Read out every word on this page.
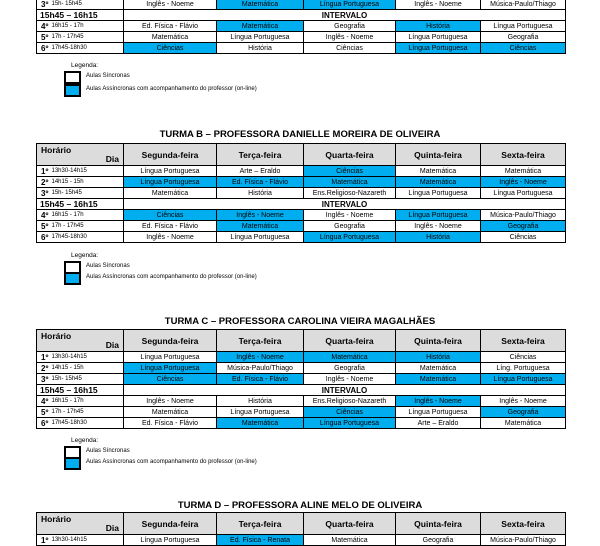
3º	15h- 15h45	Inglês - Noeme	Matemática	Língua Portuguesa	Inglês - Noeme	Música-Paulo/Thiago
15h45 – 16h15		INTERVALO				
4º	16h15 - 17h	Ed. Física - Flávio	Matemática	Geografia	História	Língua Portuguesa
5º	17h - 17h45	Matemática	Língua Portuguesa	Inglês - Noeme	Língua Portuguesa	Geografia
6º	17h45-18h30	Ciências	História	Ciências	Língua Portuguesa	Ciências
Legenda:
Aulas Síncronas
Aulas Assíncronas com acompanhamento do professor (on-line)
TURMA B – PROFESSORA DANIELLE MOREIRA DE OLIVEIRA
Horário
Dia		Segunda-feira	Terça-feira	Quarta-feira	Quinta-feira	Sexta-feira

1º	13h30-14h15	Língua Portuguesa	Arte – Eraldo	Ciências	Matemática	Matemática
2º	14h15 - 15h	Língua Portuguesa	Ed. Física - Flávio	Matemática	Matemática	Inglês - Noeme
3º	15h- 15h45	Matemática	História	Ens.Religioso-Nazareth	Língua Portuguesa	Língua Portuguesa
15h45 – 16h15		INTERVALO				
4º	16h15 - 17h	Ciências	Inglês - Noeme	Inglês - Noeme	Língua Portuguesa	Música-Paulo/Thiago
5º	17h - 17h45	Ed. Física - Flávio	Matemática	Geografia	Inglês - Noeme	Geografia
6º	17h45-18h30	Inglês - Noeme	Língua Portuguesa	Língua Portuguesa	História	Ciências
Legenda:
Aulas Síncronas
Aulas Assíncronas com acompanhamento do professor (on-line)
TURMA C – PROFESSORA CAROLINA VIEIRA MAGALHÃES
Horário
Dia		Segunda-feira	Terça-feira	Quarta-feira	Quinta-feira	Sexta-feira

1º	13h30-14h15	Língua Portuguesa	Inglês - Noeme	Matemática	História	Ciências
2º	14h15 - 15h	Língua Portuguesa	Música-Paulo/Thiago	Geografia	Matemática	Líng. Portuguesa
3º	15h- 15h45	Ciências	Ed. Física - Flávio	Inglês - Noeme	Matemática	Língua Portuguesa
15h45 – 16h15		INTERVALO				
4º	16h15 - 17h	Inglês - Noeme	História	Ens.Religioso-Nazareth	Inglês - Noeme	Inglês - Noeme
5º	17h - 17h45	Matemática	Língua Portuguesa	Ciências	Língua Portuguesa	Geografia
6º	17h45-18h30	Ed. Física - Flávio	Matemática	Língua Portuguesa	Arte – Eraldo	Matemática
Legenda:
Aulas Síncronas
Aulas Assíncronas com acompanhamento do professor (on-line)
TURMA D – PROFESSORA ALINE MELO DE OLIVEIRA
Horário
Dia		Segunda-feira	Terça-feira	Quarta-feira	Quinta-feira	Sexta-feira

1º	13h30-14h15	Língua Portuguesa	Ed. Física - Renata	Matemática	Geografia	Música-Paulo/Thiago
